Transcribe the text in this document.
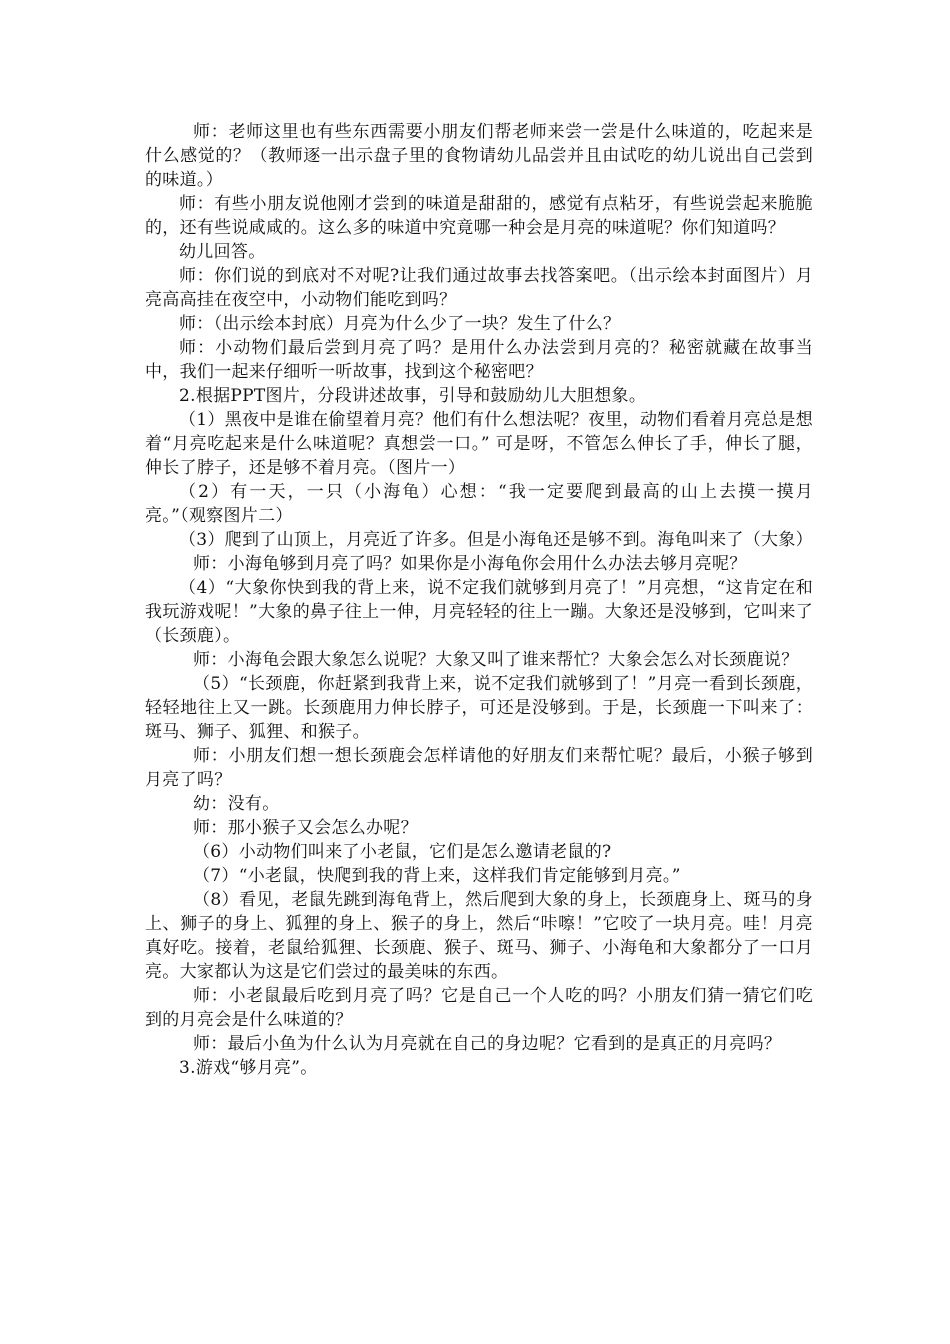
师：老师这里也有些东西需要小朋友们帮老师来尝一尝是什么味道的，吃起来是什么感觉的？（教师逐一出示盘子里的食物请幼儿品尝并且由试吃的幼儿说出自己尝到的味道。）

师：有些小朋友说他刚才尝到的味道是甜甜的，感觉有点粘牙，有些说尝起来脆脆的，还有些说咸咸的。这么多的味道中究竟哪一种会是月亮的味道呢？你们知道吗？

幼儿回答。

师：你们说的到底对不对呢?让我们通过故事去找答案吧。（出示绘本封面图片）月亮高高挂在夜空中，小动物们能吃到吗？

师：（出示绘本封底）月亮为什么少了一块？发生了什么？

师：小动物们最后尝到月亮了吗？是用什么办法尝到月亮的？秘密就藏在故事当中，我们一起来仔细听一听故事，找到这个秘密吧？

2.根据PPT图片，分段讲述故事，引导和鼓励幼儿大胆想象。

（1）黑夜中是谁在偷望着月亮？他们有什么想法呢？夜里，动物们看着月亮总是想着“月亮吃起来是什么味道呢？真想尝一口。” 可是呀，不管怎么伸长了手，伸长了腿，伸长了脖子，还是够不着月亮。（图片一）

（2）有一天，一只（小海龟）心想：“我一定要爬到最高的山上去摸一摸月亮。”（观察图片二）

（3）爬到了山顶上，月亮近了许多。但是小海龟还是够不到。海龟叫来了（大象）

师：小海龟够到月亮了吗？如果你是小海龟你会用什么办法去够月亮呢？

（4）“大象你快到我的背上来，说不定我们就够到月亮了！”月亮想，“这肯定在和我玩游戏呢！”大象的鼻子往上一伸，月亮轻轻的往上一蹦。大象还是没够到，它叫来了（长颈鹿）。

师：小海龟会跟大象怎么说呢？大象又叫了谁来帮忙？大象会怎么对长颈鹿说？

（5）“长颈鹿，你赶紧到我背上来，说不定我们就够到了！”月亮一看到长颈鹿，轻轻地往上又一跳。长颈鹿用力伸长脖子，可还是没够到。于是，长颈鹿一下叫来了：斑马、狮子、狐狸、和猴子。

师：小朋友们想一想长颈鹿会怎样请他的好朋友们来帮忙呢？最后，小猴子够到月亮了吗？

幼：没有。

师：那小猴子又会怎么办呢？

（6）小动物们叫来了小老鼠，它们是怎么邀请老鼠的?

（7）“小老鼠，快爬到我的背上来，这样我们肯定能够到月亮。”

（8）看见，老鼠先跳到海龟背上，然后爬到大象的身上，长颈鹿身上、斑马的身上、狮子的身上、狐狸的身上、猴子的身上，然后“咔嚓！”它咬了一块月亮。哇！月亮真好吃。接着，老鼠给狐狸、长颈鹿、猴子、斑马、狮子、小海龟和大象都分了一口月亮。大家都认为这是它们尝过的最美味的东西。

师：小老鼠最后吃到月亮了吗？它是自己一个人吃的吗？小朋友们猜一猜它们吃到的月亮会是什么味道的？

师：最后小鱼为什么认为月亮就在自己的身边呢？它看到的是真正的月亮吗？

3.游戏“够月亮”。
